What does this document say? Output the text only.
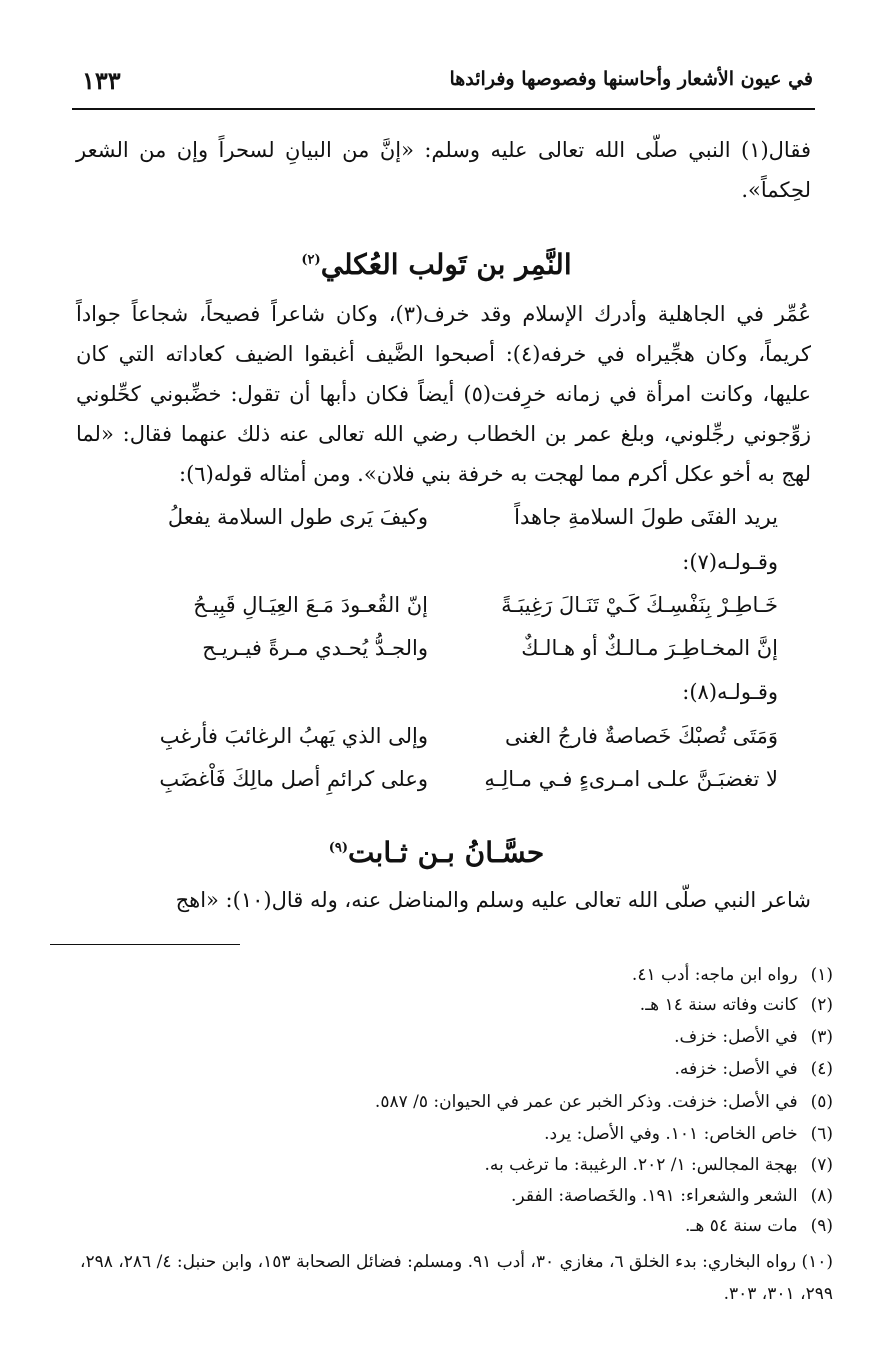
في عيون الأشعار وأحاسنها وفصوصها وفرائدها
١٣٣
فقال(١) النبي صلّى الله تعالى عليه وسلم: «إنَّ من البيانِ لسحراً وإن من الشعر لحِكماً».
النَّمِر بن تَولب العُكلي$^{(٢)}$
عُمِّر في الجاهلية وأدرك الإسلام وقد خرف(٣)، وكان شاعراً فصيحاً، شجاعاً جواداً كريماً، وكان هجِّيراه في خرفه(٤): أصبحوا الضَّيف أغبقوا الضيف كعاداته التي كان عليها، وكانت امرأة في زمانه خرِفت(٥) أيضاً فكان دأبها أن تقول: خضِّبوني كحِّلوني زوِّجوني رجِّلوني، وبلغ عمر بن الخطاب رضي الله تعالى عنه ذلك عنهما فقال: «لما لهج به أخو عكل أكرم مما لهجت به خرفة بني فلان». ومن أمثاله قوله(٦):
يريد الفتَى طولَ السلامةِ جاهداً
وكيفَ يَرى طول السلامة يفعلُ
وقـولـه(٧):
خَـاطِـرْ بِنَفْسِـكَ كَـيْ تَنَـالَ رَغِيبَـةً
إنّ القُعـودَ مَـعَ العِيَـالِ قَبِيـحُ
إنَّ المخـاطِـرَ مـالـكٌ أو هـالـكٌ
والجـدُّ يُحـدي مـرةً فيـريـح
وقـولـه(٨):
وَمَتَى تُصبْكَ خَصاصةٌ فارجُ الغنى
وإلى الذي يَهبُ الرغائبَ فأرغبِ
لا تغضبَـنَّ علـى امـرىءٍ فـي مـالِـهِ
وعلى كرائمِ أصل مالِكَ فَاْغضَبِ
حسَّـانُ بـن ثـابت$^{(٩)}$
شاعر النبي صلّى الله تعالى عليه وسلم والمناضل عنه، وله قال(١٠): «اهج
(١) رواه ابن ماجه: أدب ٤١.
(٢) كانت وفاته سنة ١٤ هـ.
(٣) في الأصل: خزف.
(٤) في الأصل: خزفه.
(٥) في الأصل: خزفت. وذكر الخبر عن عمر في الحيوان: ٥/ ٥٨٧.
(٦) خاص الخاص: ١٠١. وفي الأصل: يرد.
(٧) بهجة المجالس: ١/ ٢٠٢. الرغيبة: ما ترغب به.
(٨) الشعر والشعراء: ١٩١. والخَصاصة: الفقر.
(٩) مات سنة ٥٤ هـ.
(١٠) رواه البخاري: بدء الخلق ٦، مغازي ٣٠، أدب ٩١. ومسلم: فضائل الصحابة ١٥٣، وابن حنبل: ٤/ ٢٨٦، ٢٩٨، ٢٩٩، ٣٠١، ٣٠٣.
